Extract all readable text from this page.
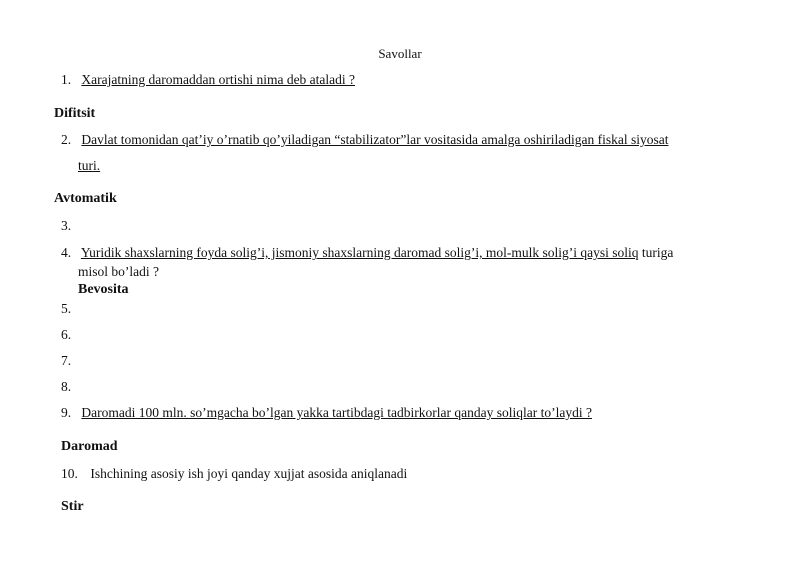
Savollar
1. Xarajatning daromaddan ortishi nima deb ataladi ?
Difitsit
2. Davlat tomonidan qat’iy o’rnatib qo’yiladigan “stabilizator”lar vositasida amalga oshiriladigan fiskal siyosat
turi.
Avtomatik
3.
4. Yuridik shaxslarning foyda solig’i, jismoniy shaxslarning daromad solig’i, mol-mulk solig’i qaysi soliq turiga
misol bo’ladi ?
Bevosita
5.
6.
7.
8.
9. Daromadi 100 mln. so’mgacha bo’lgan yakka tartibdagi tadbirkorlar qanday soliqlar to’laydi ?
Daromad
10. Ishchining asosiy ish joyi qanday xujjat asosida aniqlanadi
Stir
